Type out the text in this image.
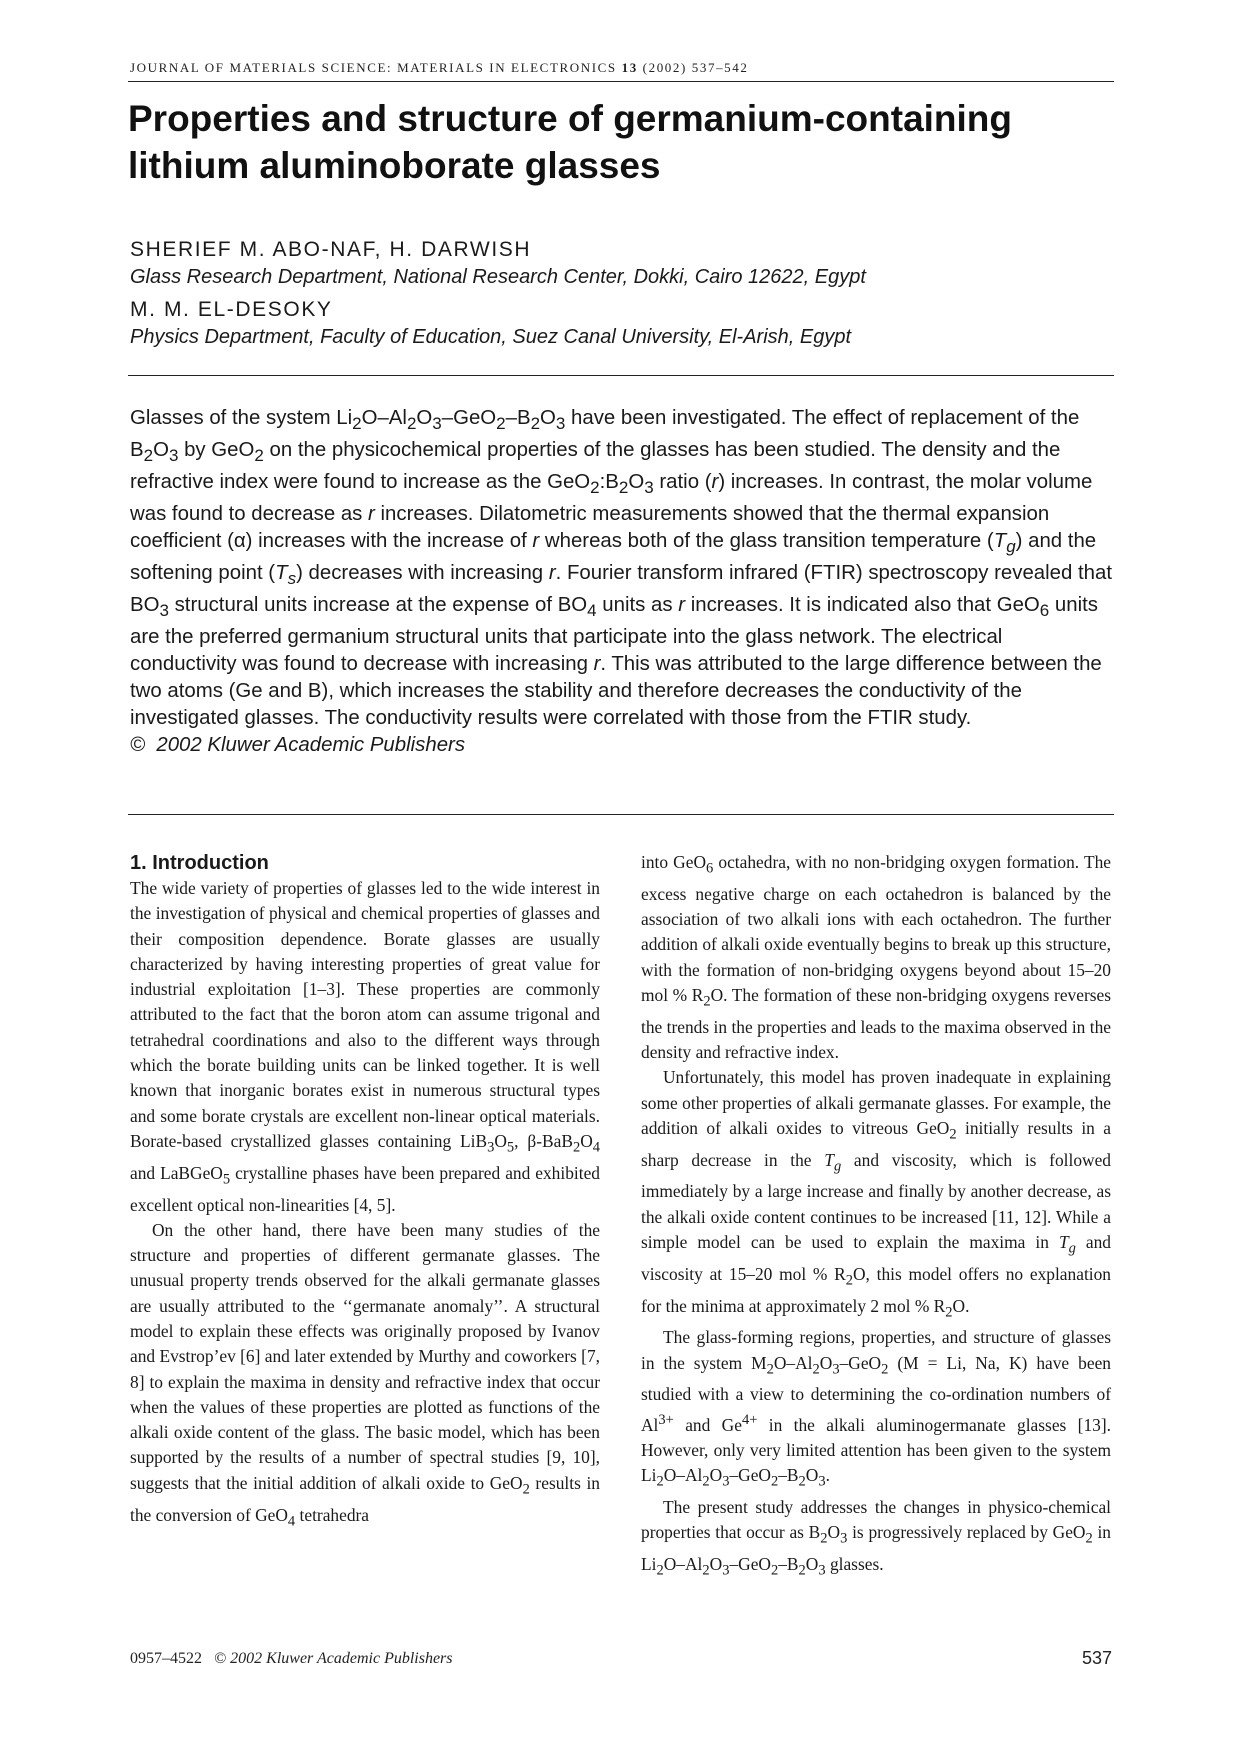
JOURNAL OF MATERIALS SCIENCE: MATERIALS IN ELECTRONICS 13 (2002) 537–542
Properties and structure of germanium-containing
lithium aluminoborate glasses
SHERIEF M. ABO-NAF, H. DARWISH
Glass Research Department, National Research Center, Dokki, Cairo 12622, Egypt
M. M. EL-DESOKY
Physics Department, Faculty of Education, Suez Canal University, El-Arish, Egypt

Glasses of the system $Li_2O-Al_2O_3-GeO_2-B_2O_3$ have been investigated. The effect of replacement of the $B_2O_3$ by GeO$_2$ on the physicochemical properties of the glasses has been studied. The density and the refractive index were found to increase as the $GeO_2:B_2O_3$ ratio (r) increases. In contrast, the molar volume was found to decrease as r increases. Dilatometric measurements showed that the thermal expansion coefficient (α) increases with the increase of r whereas both of the glass transition temperature $(T_g)$ and the softening point $(T_s)$ decreases with increasing r. Fourier transform infrared (FTIR) spectroscopy revealed that $BO_3$ structural units increase at the expense of $BO_4$ units as r increases. It is indicated also that GeO$_6$ units are the preferred germanium structural units that participate into the glass network. The electrical conductivity was found to decrease with increasing r. This was attributed to the large difference between the two atoms (Ge and B), which increases the stability and therefore decreases the conductivity of the investigated glasses. The conductivity results were correlated with those from the FTIR study.

© 2002 Kluwer Academic Publishers

1. Introduction

The wide variety of properties of glasses led to the wide interest in the investigation of physical and chemical properties of glasses and their composition dependence. Borate glasses are usually characterized by having interesting properties of great value for industrial exploitation [1–3]. These properties are commonly attributed to the fact that the boron atom can assume trigonal and tetrahedral coordinations and also to the different ways through which the borate building units can be linked together. It is well known that inorganic borates exist in numerous structural types and some borate crystals are excellent non-linear optical materials. Borate-based crystallized glasses containing $LiB_3O_5$, $\beta-BaB_2O_4$ and LaBGeO$_5$ crystalline phases have been prepared and exhibited excellent optical non-linearities [4, 5].

On the other hand, there have been many studies of the structure and properties of different germanate glasses. The unusual property trends observed for the alkali germanate glasses are usually attributed to the ‘‘germanate anomaly’’. A structural model to explain these effects was originally proposed by Ivanov and Evstrop’ev [6] and later extended by Murthy and coworkers [7, 8] to explain the maxima in density and refractive index that occur when the values of these properties are plotted as functions of the alkali oxide content of the glass. The basic model, which has been supported by the results of a number of spectral studies [9, 10], suggests that the initial addition of alkali oxide to GeO$_2$ results in the conversion of GeO$_4$ tetrahedra

into GeO$_6$ octahedra, with no non-bridging oxygen formation. The excess negative charge on each octahedron is balanced by the association of two alkali ions with each octahedron. The further addition of alkali oxide eventually begins to break up this structure, with the formation of non-bridging oxygens beyond about 15–20 mol % $R_2O$. The formation of these non-bridging oxygens reverses the trends in the properties and leads to the maxima observed in the density and refractive index.

Unfortunately, this model has proven inadequate in explaining some other properties of alkali germanate glasses. For example, the addition of alkali oxides to vitreous GeO$_2$ initially results in a sharp decrease in the $T_g$ and viscosity, which is followed immediately by a large increase and finally by another decrease, as the alkali oxide content continues to be increased [11, 12]. While a simple model can be used to explain the maxima in $T_g$ and viscosity at 15–20 mol % $R_2O$, this model offers no explanation for the minima at approximately 2 mol % $R_2O$.

The glass-forming regions, properties, and structure of glasses in the system $M_2O-Al_2O_3-GeO_2$ (M = Li, Na, K) have been studied with a view to determining the co-ordination numbers of $Al^{3+}$ and $Ge^{4+}$ in the alkali aluminogermanate glasses [13]. However, only very limited attention has been given to the system $Li_2O-Al_2O_3-GeO_2-B_2O_3$.

The present study addresses the changes in physico-chemical properties that occur as $B_2O_3$ is progressively replaced by GeO$_2$ in $Li_2O-Al_2O_3-GeO_2-B_2O_3$ glasses.

0957–4522 © 2002 Kluwer Academic Publishers	537
